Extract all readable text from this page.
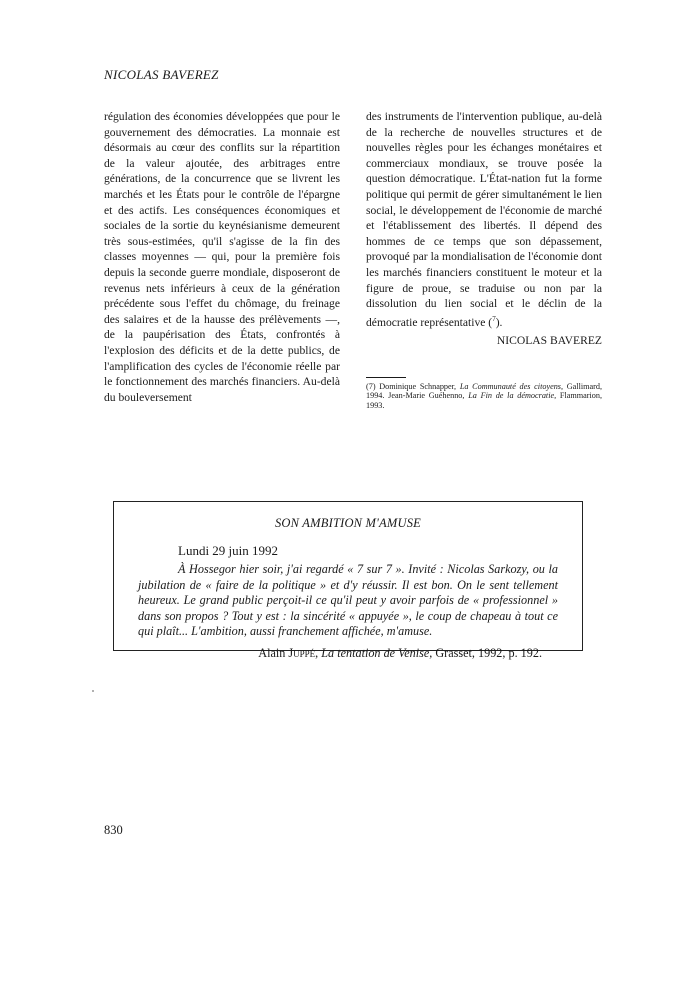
NICOLAS BAVEREZ

régulation des économies développées que pour le gouvernement des démocraties. La monnaie est désormais au cœur des conflits sur la répartition de la valeur ajoutée, des arbitrages entre générations, de la concurrence que se livrent les marchés et les États pour le contrôle de l'épargne et des actifs. Les conséquences économiques et sociales de la sortie du keynésianisme demeurent très sous-estimées, qu'il s'agisse de la fin des classes moyennes — qui, pour la première fois depuis la seconde guerre mondiale, disposeront de revenus nets inférieurs à ceux de la génération précédente sous l'effet du chômage, du freinage des salaires et de la hausse des prélèvements —, de la paupérisation des États, confrontés à l'explosion des déficits et de la dette publics, de l'amplification des cycles de l'économie réelle par le fonctionnement des marchés financiers. Au-delà du bouleversement

des instruments de l'intervention publique, au-delà de la recherche de nouvelles structures et de nouvelles règles pour les échanges monétaires et commerciaux mondiaux, se trouve posée la question démocratique. L'État-nation fut la forme politique qui permit de gérer simultanément le lien social, le développement de l'économie de marché et l'établissement des libertés. Il dépend des hommes de ce temps que son dépassement, provoqué par la mondialisation de l'économie dont les marchés financiers constituent le moteur et la figure de proue, se traduise ou non par la dissolution du lien social et le déclin de la démocratie représentative ($^7$).

NICOLAS BAVEREZ
(7) Dominique Schnapper, La Communauté des citoyens, Gallimard, 1994. Jean-Marie Guéhenno, La Fin de la démocratie, Flammarion, 1993.
SON AMBITION M'AMUSE
Lundi 29 juin 1992
À Hossegor hier soir, j'ai regardé « 7 sur 7 ». Invité : Nicolas Sarkozy, ou la jubilation de « faire de la politique » et d'y réussir. Il est bon. On le sent tellement heureux. Le grand public perçoit-il ce qu'il peut y avoir parfois de « professionnel » dans son propos ? Tout y est : la sincérité « appuyée », le coup de chapeau à tout ce qui plaît... L'ambition, aussi franchement affichée, m'amuse.
Alain Juppé, La tentation de Venise, Grasset, 1992, p. 192.
830
